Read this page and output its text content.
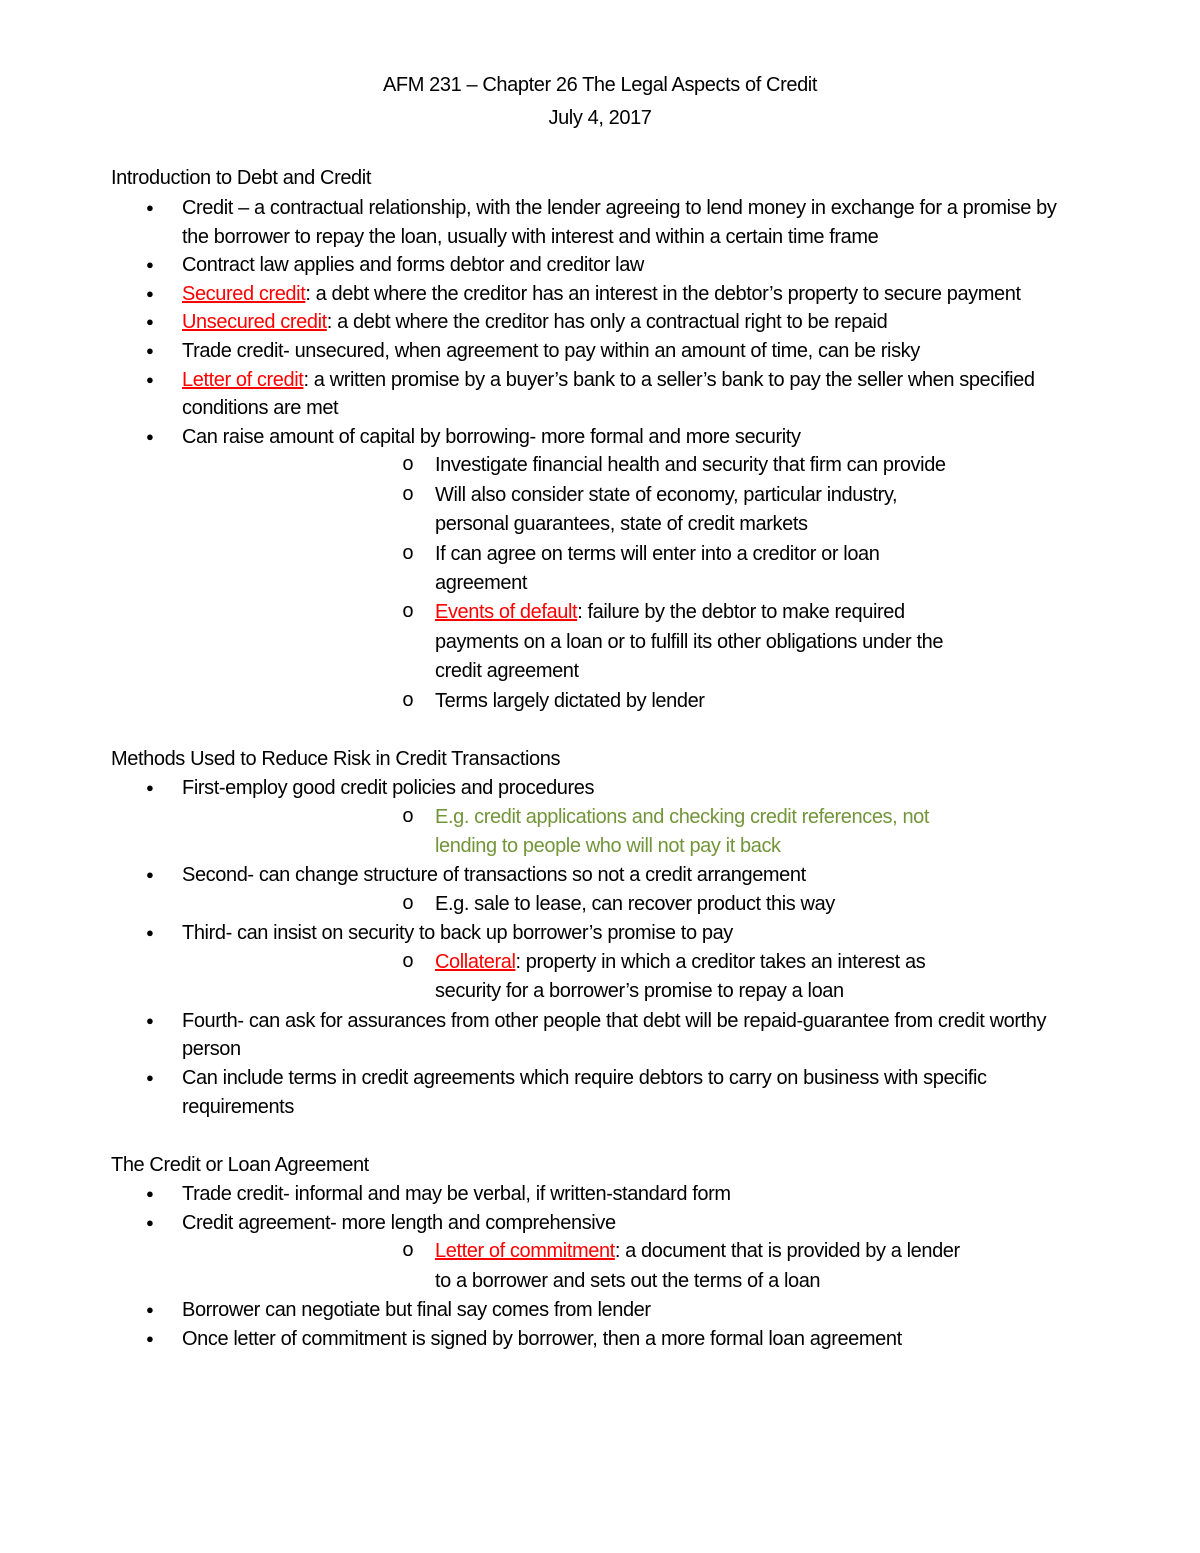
AFM 231 – Chapter 26 The Legal Aspects of Credit
July 4, 2017
Introduction to Debt and Credit
● Credit – a contractual relationship, with the lender agreeing to lend money in exchange for a promise by the borrower to repay the loan, usually with interest and within a certain time frame
● Contract law applies and forms debtor and creditor law
● Secured credit: a debt where the creditor has an interest in the debtor’s property to secure payment
● Unsecured credit: a debt where the creditor has only a contractual right to be repaid
● Trade credit- unsecured, when agreement to pay within an amount of time, can be risky
● Letter of credit: a written promise by a buyer’s bank to a seller’s bank to pay the seller when specified conditions are met
● Can raise amount of capital by borrowing- more formal and more security
o Investigate financial health and security that firm can provide
o Will also consider state of economy, particular industry, personal guarantees, state of credit markets
o If can agree on terms will enter into a creditor or loan agreement
o Events of default: failure by the debtor to make required payments on a loan or to fulfill its other obligations under the credit agreement
o Terms largely dictated by lender
Methods Used to Reduce Risk in Credit Transactions
● First-employ good credit policies and procedures
o E.g. credit applications and checking credit references, not lending to people who will not pay it back
● Second- can change structure of transactions so not a credit arrangement
o E.g. sale to lease, can recover product this way
● Third- can insist on security to back up borrower’s promise to pay
o Collateral: property in which a creditor takes an interest as security for a borrower’s promise to repay a loan
● Fourth- can ask for assurances from other people that debt will be repaid-guarantee from credit worthy person
● Can include terms in credit agreements which require debtors to carry on business with specific requirements
The Credit or Loan Agreement
● Trade credit- informal and may be verbal, if written-standard form
● Credit agreement- more length and comprehensive
o Letter of commitment: a document that is provided by a lender to a borrower and sets out the terms of a loan
● Borrower can negotiate but final say comes from lender
● Once letter of commitment is signed by borrower, then a more formal loan agreement
